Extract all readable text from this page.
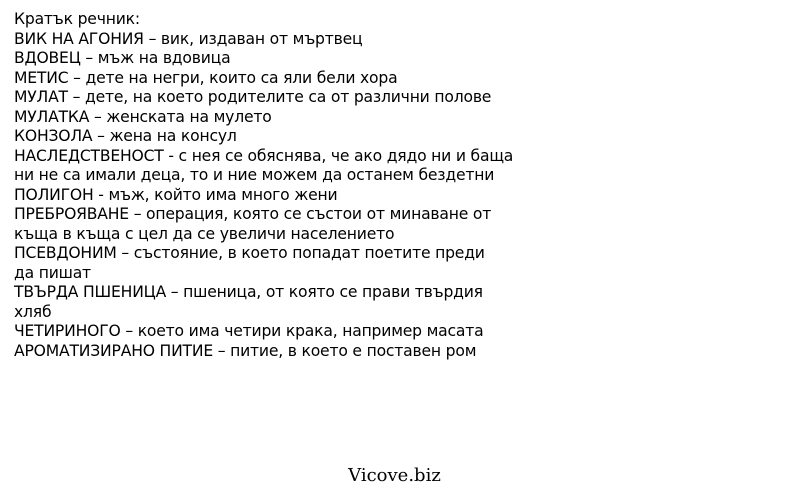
Кратък речник:
ВИК НА АГОНИЯ – вик, издаван от мъртвец
ВДОВЕЦ – мъж на вдовица
МЕТИС – дете на негри, които са яли бели хора
МУЛАТ – дете, на което родителите са от различни полове
МУЛАТКА – женската на мулето
КОНЗОЛА – жена на консул
НАСЛЕДСТВЕНОСТ - с нея се обяснява, че ако дядо ни и баща
ни не са имали деца, то и ние можем да останем бездетни
ПОЛИГОН - мъж, който има много жени
ПРЕБРОЯВАНЕ – операция, която се състои от минаване от
къща в къща с цел да се увеличи населението
ПСЕВДОНИМ – състояние, в което попадат поетите преди
да пишат
ТВЪРДА ПШЕНИЦА – пшеница, от която се прави твърдия
хляб
ЧЕТИРИНОГО – което има четири крака, например масата
АРОМАТИЗИРАНО ПИТИЕ – питие, в което е поставен ром
Vicove.biz
